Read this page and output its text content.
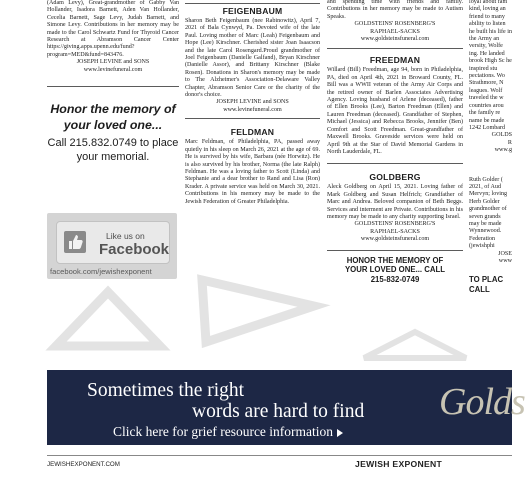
(Adam Levy), Great-grandmother of Gabby Van Hollander, Isadora Barnett, Aden Van Hollander, Cecelia Barnett, Sage Levy, Judah Barnett, and Simone Levy. Contributions in her memory may be made to the Carol Schwartz Fund for Thyroid Cancer Research at Abramson Cancer Center https://giving.apps.upenn.edu/fund?program=MED&fund=843476.
JOSEPH LEVINE and SONS
www.levinefuneral.com
Honor the memory of your loved one...
Call 215.832.0749 to place your memorial.
Like us on
Facebook
facebook.com/jewishexponent
FEIGENBAUM
Sharon Beth Feigenbaum (nee Rabinowitz), April 7, 2021 of Bala Cynwyd, Pa. Devoted wife of the late Paul. Loving mother of Marc (Leah) Feigenbaum and Hope (Lee) Kirschner. Cherished sister Joan Isaacson and the late Carol Rosengard.Proud grandmother of Joel Feigenbaum (Danielle Galfand), Bryan Kirschner (Danielle Assor), and Brittany Kirschner (Blake Rosen). Donations in Sharon's memory may be made to The Alzheimer's Association-Delaware Valley Chapter, Abramson Senior Care or the charity of the donor's choice.
JOSEPH LEVINE and SONS
www.levinefuneral.com
FELDMAN
Marc Feldman, of Philadelphia, PA, passed away quietly in his sleep on March 26, 2021 at the age of 69. He is survived by his wife, Barbara (née Horwitz). He is also survived by his brother, Norma (the late Ralph) Feldman. He was a loving father to Scott (Linda) and Stephanie and a dear brother to Rand and Lisa (Ron) Krader. A private service was held on March 30, 2021. Contributions in his memory may be made to the Jewish Federation of Greater Philadelphia.
and spending time with friends and family. Contributions in her memory may be made to Autism Speaks.
GOLDSTEINS' ROSENBERG'S
RAPHAEL-SACKS
www.goldsteinsfuneral.com
FREEDMAN
Willard (Bill) Freedman, age 94, born in Philadelphia, PA, died on April 4th, 2021 in Broward County, FL. Bill was a WWII veteran of the Army Air Corps and the retired owner of Barlen Associates Advertising Agency. Loving husband of Arlene (deceased), father of Ellen Brooks (Lee), Barton Freedman (Ellen) and Lauren Freedman (deceased). Grandfather of Stephen, Michael (Jessica) and Rebecca Brooks, Jennifer (Ben) Comfort and Scott Freedman. Great-grandfather of Maxwell Brooks. Graveside services were held on April 9th at the Star of David Memorial Gardens in North Lauderdale, FL.
GOLDBERG
Aleck Goldberg on April 15, 2021. Loving father of Mark Goldberg and Susan Helfrich; Grandfather of Marc and Andrea. Beloved companion of Beth Beggs. Services and interment are Private. Contributions in his memory may be made to any charity supporting Israel.
GOLDSTEINS' ROSENBERG'S
RAPHAEL-SACKS
www.goldsteinsfuneral.com
HONOR THE MEMORY OF YOUR LOVED ONE... CALL 215-832-0749
loyal about fam kind, loving an friend to many ability to listen he built his life in the Army an versity, Wolfe ing. He landed brook High Sc he inspired stu pectations. Wo Strathmore, N leagues. Wolf traveled the w countries arou the family re name be made 1242 Lombard
GOLDS
R
www.g
Ruth Golder ( 2021, of Aud Mervyn; loving Herb Golder grandmother of seven grands may be made Wynnewood. Federation (jewishphi
JOSE
www
TO PLAC CALL
Sometimes the right
words are hard to find
Click here for grief resource information
Golds
JEWISHEXPONENT.COM	JEWISH EXPONENT
